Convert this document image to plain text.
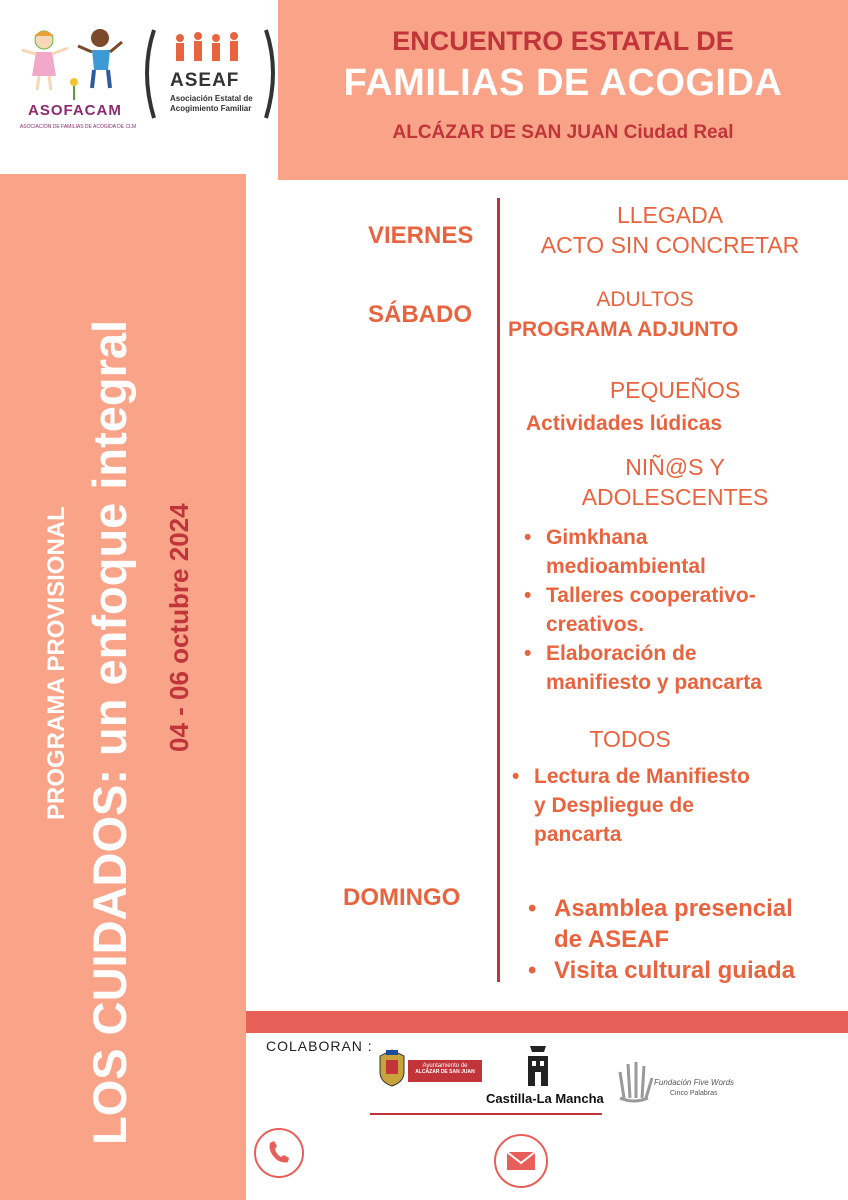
ENCUENTRO ESTATAL DE
FAMILIAS DE ACOGIDA
ALCÁZAR DE SAN JUAN Ciudad Real
ASOFACAM
ASOCIACIÓN DE FAMILIAS DE ACOGIDA DE CLM
ASEAF
Asociación Estatal de
Acogimiento Familiar
PROGRAMA PROVISIONAL LOS CUIDADOS: un enfoque integral 04 - 06 octubre 2024
VIERNES
LLEGADA
ACTO SIN CONCRETAR
SÁBADO
ADULTOS
PROGRAMA ADJUNTO
PEQUEÑOS
Actividades lúdicas
NIÑ@S Y
ADOLESCENTES
• Gimkhana
medioambiental
• Talleres cooperativo-
creativos.
• Elaboración de
manifiesto y pancarta
TODOS
• Lectura de Manifiesto
y Despliegue de
pancarta
DOMINGO
•	Asamblea presencial
de ASEAF
• Visita cultural guiada
COLABORAN :
Ayuntamiento de
ALCÁZAR DE SAN JUAN
Castilla-La Mancha
Fundación Five Words
Cinco Palabras
